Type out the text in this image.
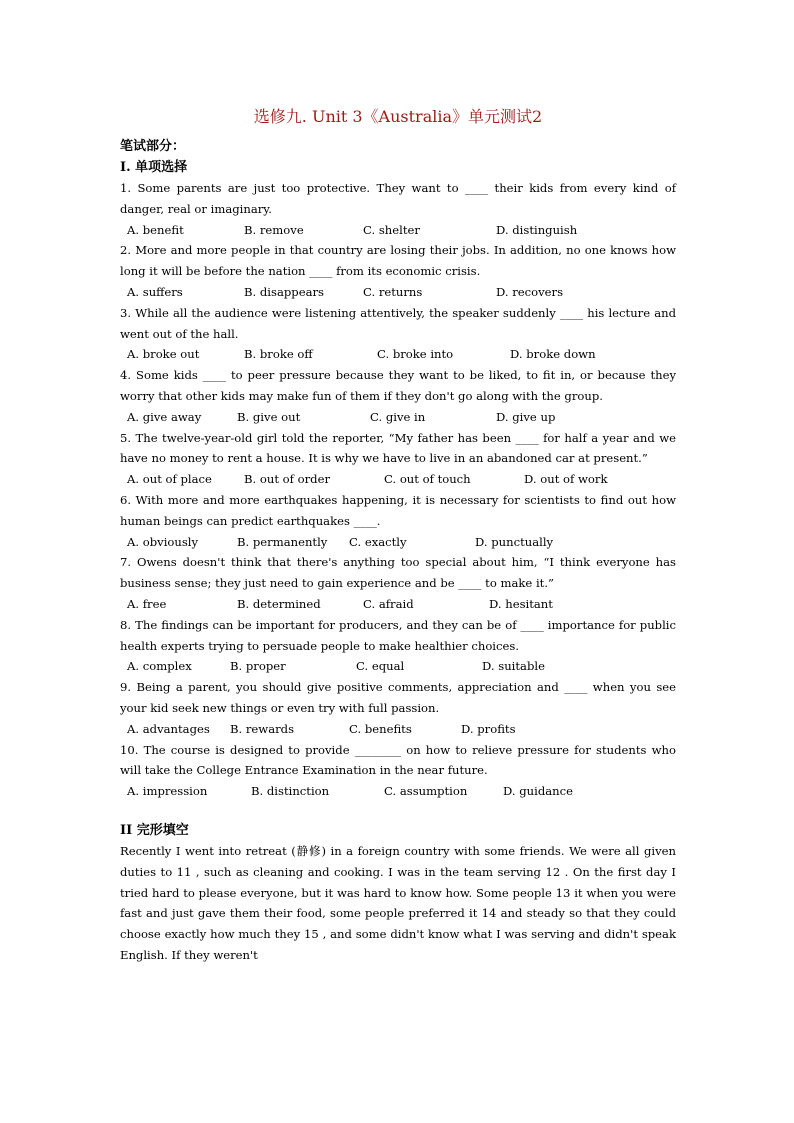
选修九. Unit 3《Australia》单元测试2
笔试部分：
I. 单项选择
1. Some parents are just too protective. They want to ____ their kids from every kind of danger, real or imaginary.
A. benefit	B. remove	C. shelter	D. distinguish
2. More and more people in that country are losing their jobs. In addition, no one knows how long it will be before the nation ____ from its economic crisis.
A. suffers	B. disappears	C. returns	D. recovers
3. While all the audience were listening attentively, the speaker suddenly ____ his lecture and went out of the hall.
A. broke out	B. broke off	C. broke into	D. broke down
4. Some kids ____ to peer pressure because they want to be liked, to fit in, or because they worry that other kids may make fun of them if they don't go along with the group.
A. give away	B. give out	C. give in	D. give up
5. The twelve-year-old girl told the reporter, “My father has been ____ for half a year and we have no money to rent a house. It is why we have to live in an abandoned car at present.”
A. out of place	B. out of order	C. out of touch	D. out of work
6. With more and more earthquakes happening, it is necessary for scientists to find out how human beings can predict earthquakes ____.
A. obviously	B. permanently	C. exactly	D. punctually
7. Owens doesn't think that there's anything too special about him, “I think everyone has business sense; they just need to gain experience and be ____ to make it.”
A. free	B. determined	C. afraid	D. hesitant
8. The findings can be important for producers, and they can be of ____ importance for public health experts trying to persuade people to make healthier choices.
A. complex	B. proper	C. equal	D. suitable
9. Being a parent, you should give positive comments, appreciation and ____ when you see your kid seek new things or even try with full passion.
A. advantages	B. rewards	C. benefits	D. profits
10. The course is designed to provide ________ on how to relieve pressure for students who will take the College Entrance Examination in the near future.
A. impression	B. distinction	C. assumption	D. guidance
II 完形填空
Recently I went into retreat (静修) in a foreign country with some friends. We were all given duties to 11 , such as cleaning and cooking. I was in the team serving 12 . On the first day I tried hard to please everyone, but it was hard to know how. Some people 13 it when you were fast and just gave them their food, some people preferred it 14 and steady so that they could choose exactly how much they 15 , and some didn't know what I was serving and didn't speak English. If they weren't
